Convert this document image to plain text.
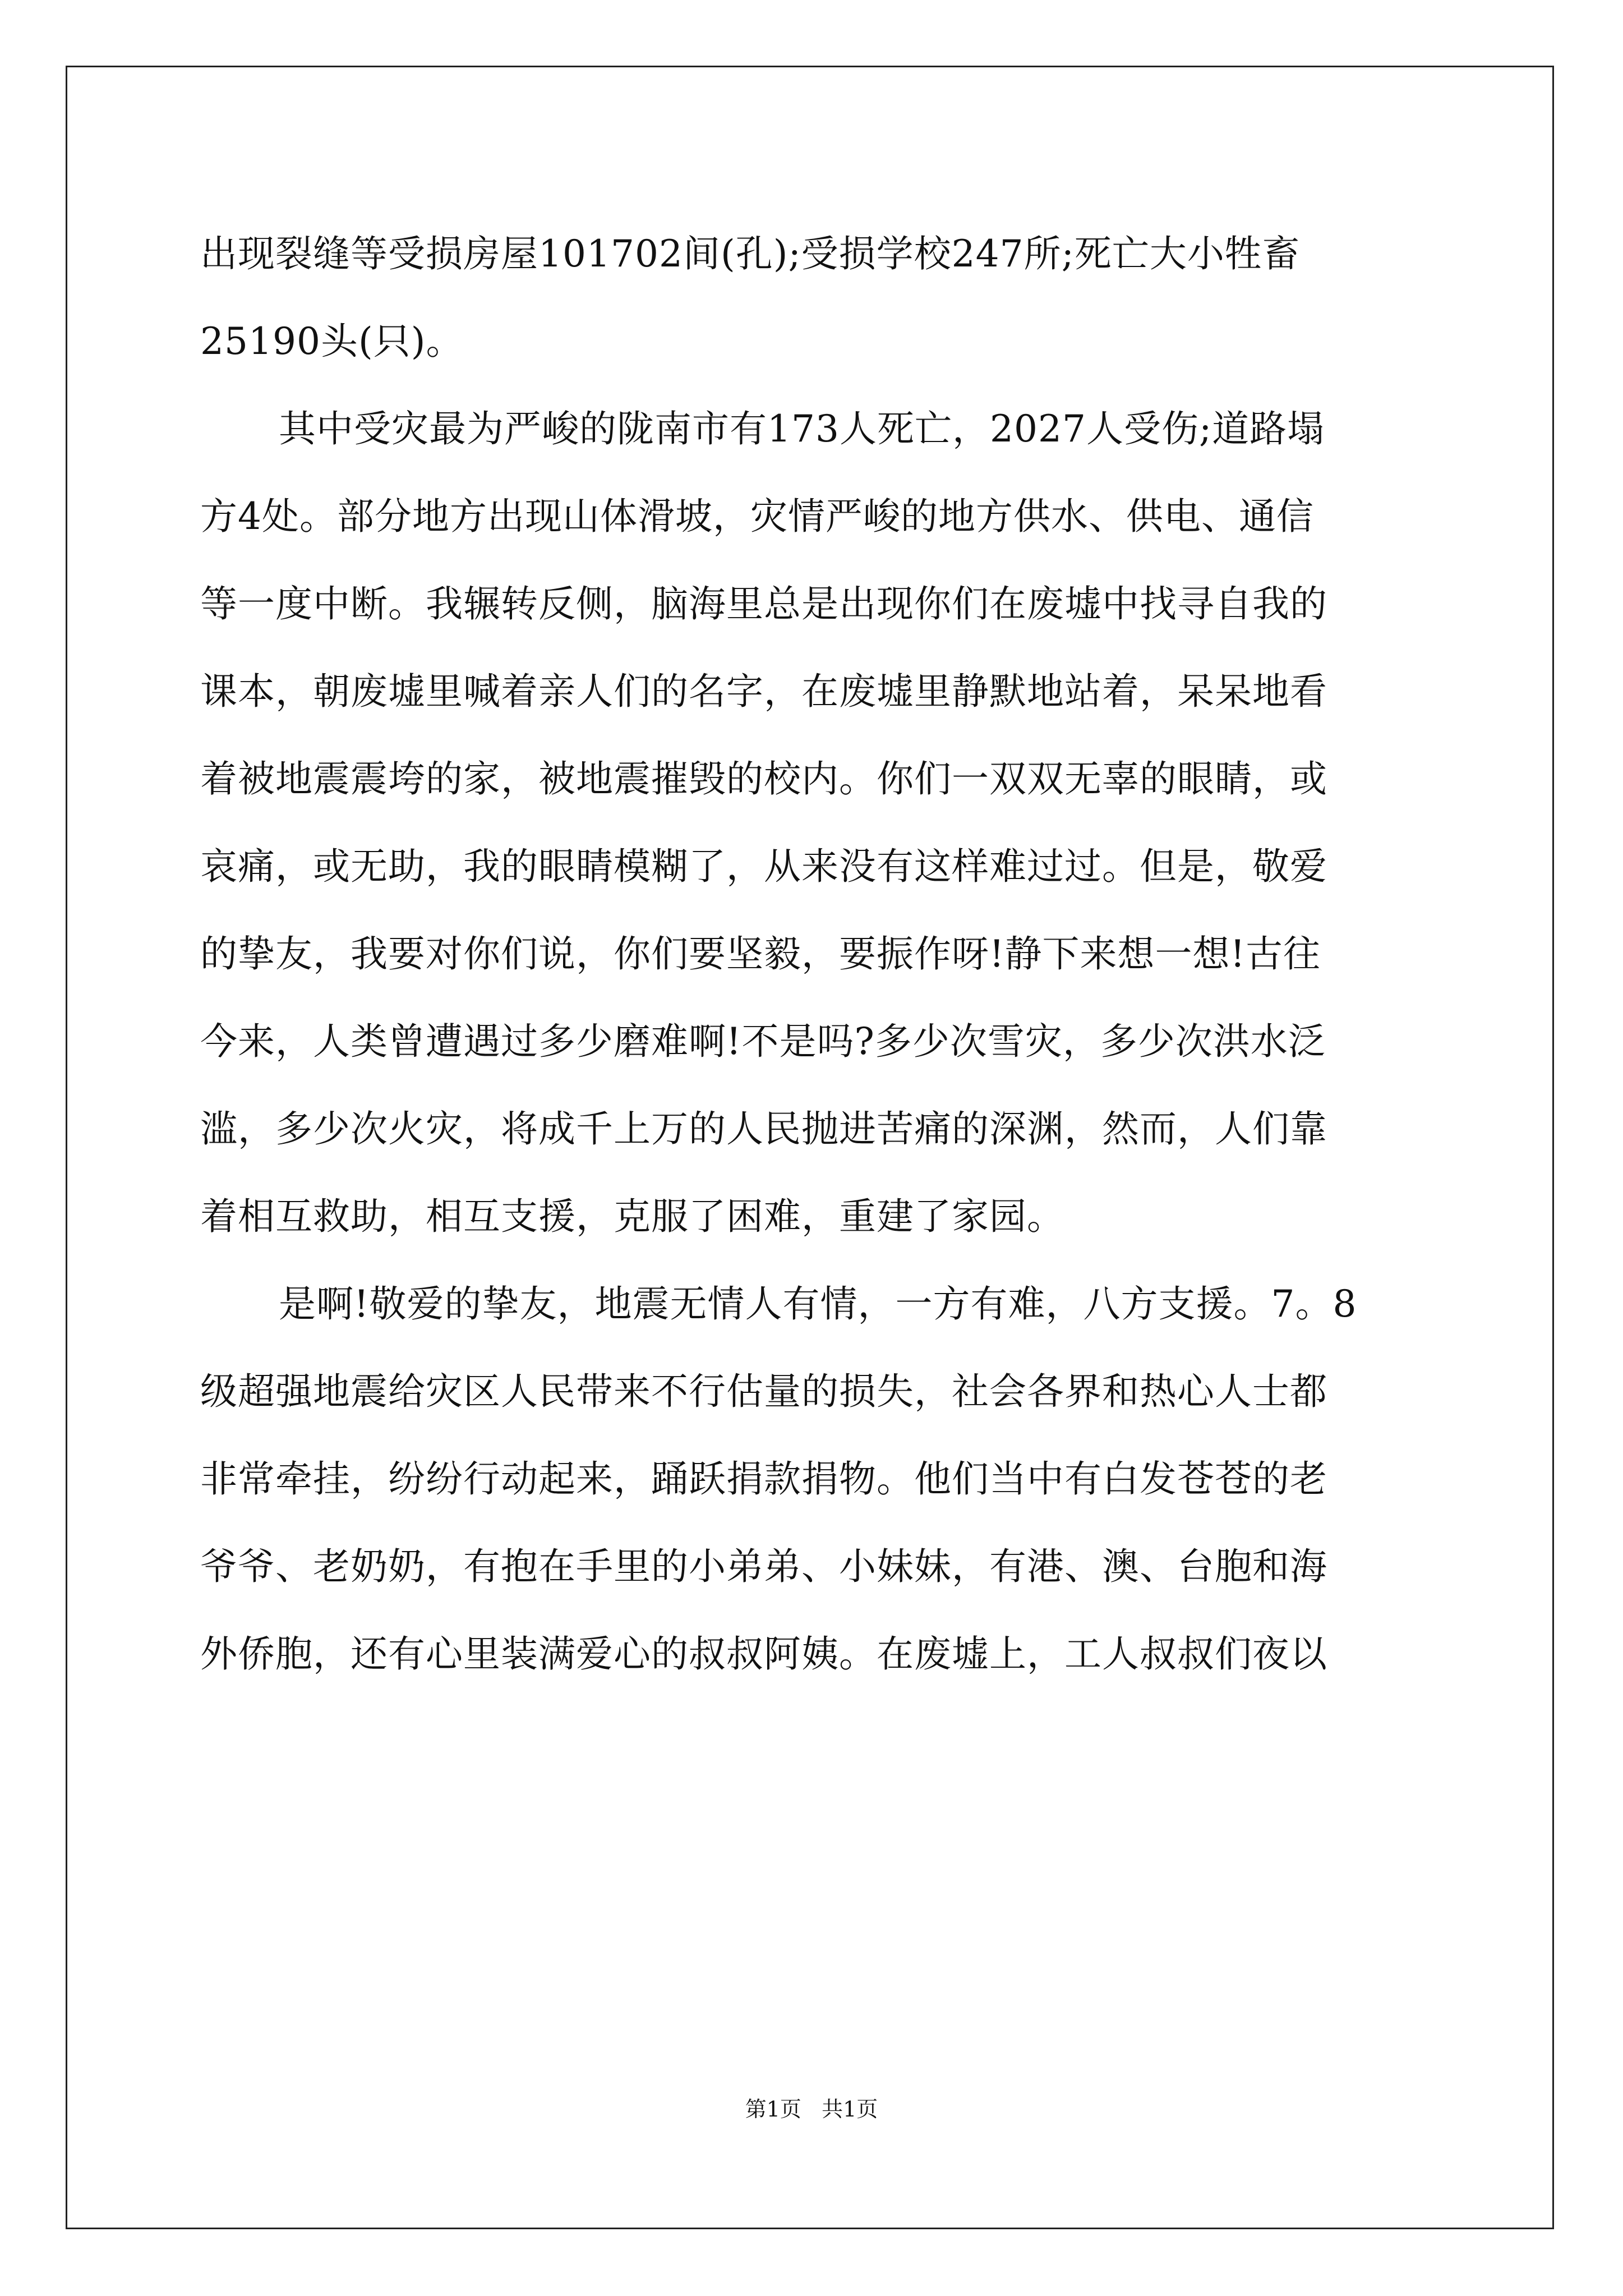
出现裂缝等受损房屋101702间(孔);受损学校247所;死亡大小牲畜
25190头(只)。
其中受灾最为严峻的陇南市有173人死亡，2027人受伤;道路塌
方4处。部分地方出现山体滑坡，灾情严峻的地方供水、供电、通信
等一度中断。我辗转反侧，脑海里总是出现你们在废墟中找寻自我的
课本，朝废墟里喊着亲人们的名字，在废墟里静默地站着，呆呆地看
着被地震震垮的家，被地震摧毁的校内。你们一双双无辜的眼睛，或
哀痛，或无助，我的眼睛模糊了，从来没有这样难过过。但是，敬爱
的挚友，我要对你们说，你们要坚毅，要振作呀!静下来想一想!古往
今来，人类曾遭遇过多少磨难啊!不是吗?多少次雪灾，多少次洪水泛
滥，多少次火灾，将成千上万的人民抛进苦痛的深渊，然而，人们靠
着相互救助，相互支援，克服了困难，重建了家园。
是啊!敬爱的挚友，地震无情人有情，一方有难，八方支援。7。8
级超强地震给灾区人民带来不行估量的损失，社会各界和热心人士都
非常牵挂，纷纷行动起来，踊跃捐款捐物。他们当中有白发苍苍的老
爷爷、老奶奶，有抱在手里的小弟弟、小妹妹，有港、澳、台胞和海
外侨胞，还有心里装满爱心的叔叔阿姨。在废墟上，工人叔叔们夜以
第1页   共1页
